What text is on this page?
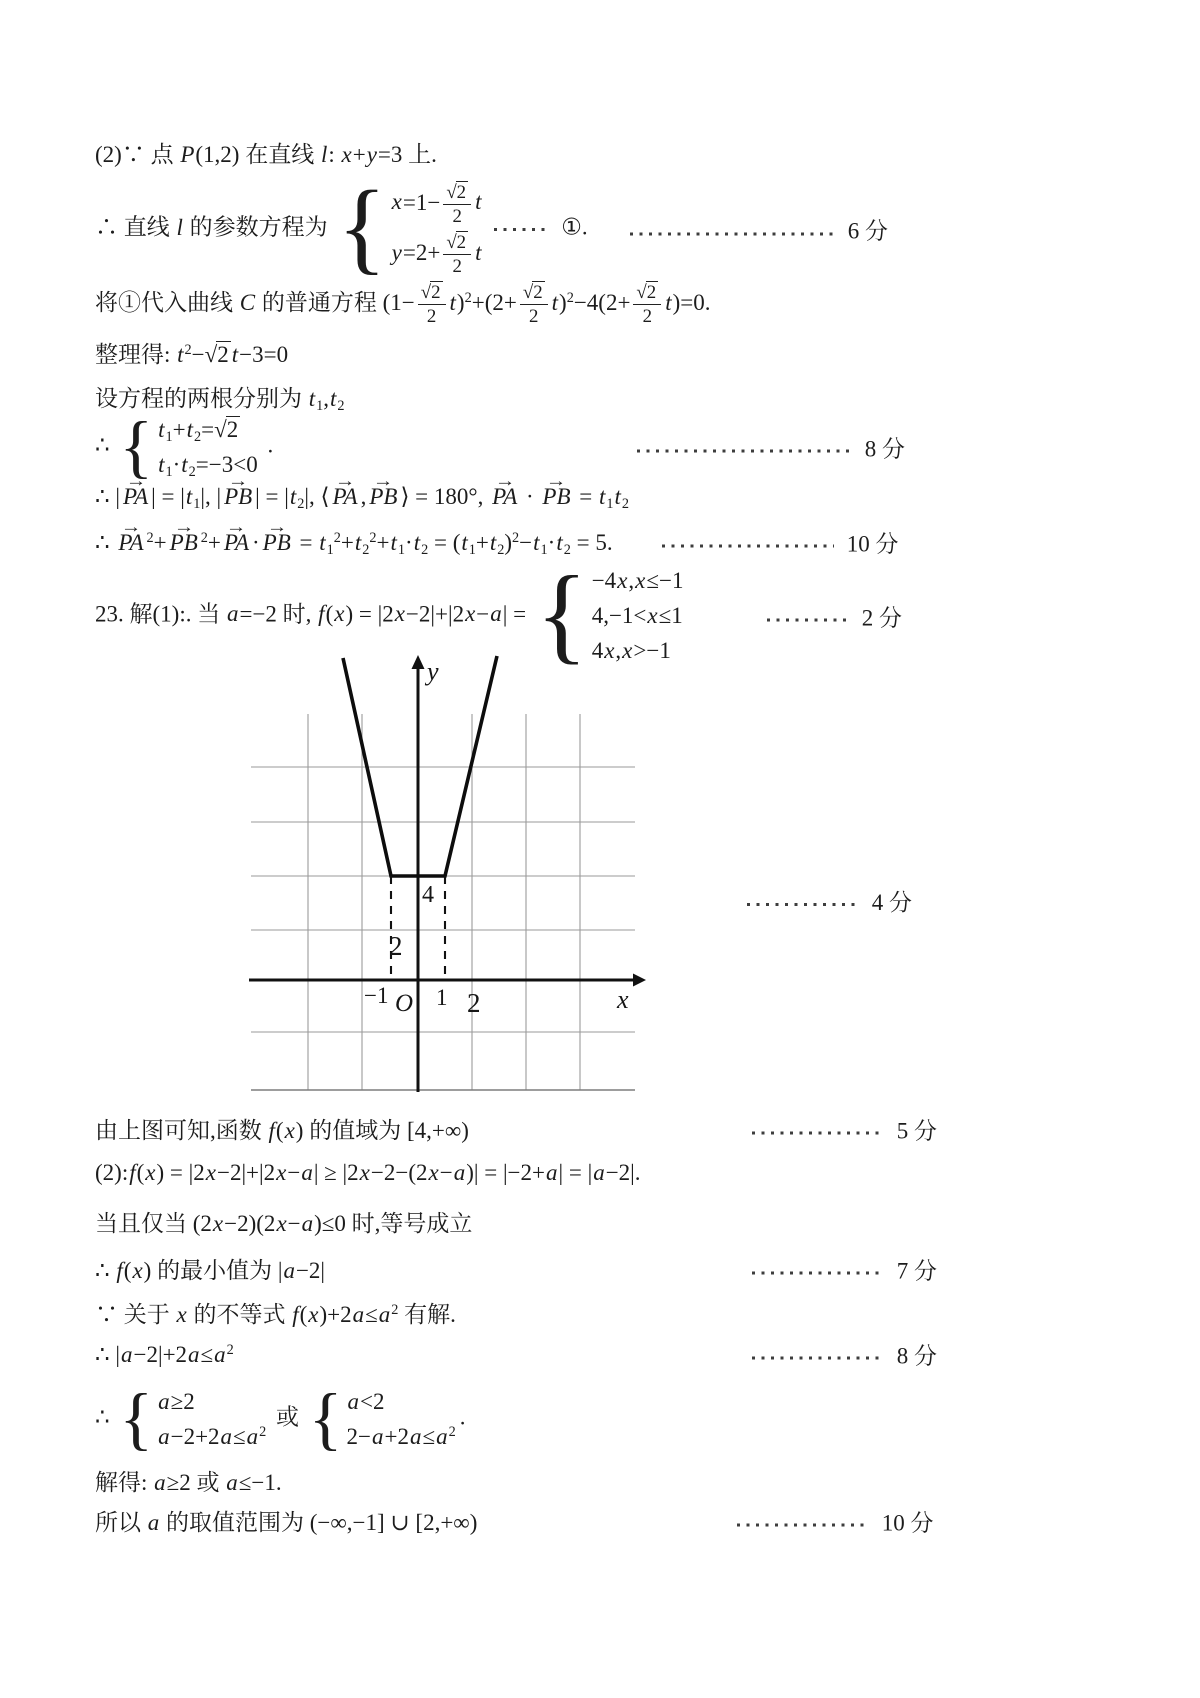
(2)∵ 点 P(1,2) 在直线 l: x+y=3 上.
∴ 直线 l 的参数方程为 { x=1− √ $\frac{2}{2}$ t
y=2+ √ $\frac{2}{2}$ t
①.	6 分
将①代入曲线 C 的普通方程 (1− √ $\frac{2}{2} t)^2+(2+$ √ $\frac{2}{2} t)^2-4(2+$ √ $\frac{2}{2} t)=0$.
整理得: $t^2-$ √ 2 t−3=0
设方程的两根分别为 $t_1,t_2$
∴ { $t_1+t_2=$ √ 2
$t_1\cdot t_2=-3<0$
.	8 分
∴ | → PA | = $|t_1|$, | → PB | = $|t_2|$, ⟨ → PA , → PB ⟩ = 180°, → PA · → PB = $t_1t_2$
∴ → PA $^2$+ → PB $^2$+ → PA · → PB = $t_1^2+t_2^2+t_1\cdot t_2 = (t_1+t_2)^2-t_1\cdot t_2 = 5$.	10 分
23. 解(1):. 当 a=−2 时, f(x) = |2x−2|+|2x−a| = { −4x,x≤−1
4,−1<x≤1
4x,x>−1
2 分
y
x
O
−1 1 2
4
2
4 分
由上图可知,函数 f(x) 的值域为 [4,+∞)	5 分
(2):f(x) = |2x−2|+|2x−a| ≥ |2x−2−(2x−a)| = |−2+a| = |a−2|.
当且仅当 (2x−2)(2x−a)≤0 时,等号成立
∴ f(x) 的最小值为 |a−2|	7 分
∵ 关于 x 的不等式 $f(x)+2a\le a^2$ 有解.
∴ $|a-2|+2a\le a^2$	8 分
∴ { a≥2
$a-2+2a\le a^2$
或 { a<2
$2-a+2a\le a^2$
.
解得: a≥2 或 a≤−1.
所以 a 的取值范围为 (−∞,−1] ∪ [2,+∞)	10 分
